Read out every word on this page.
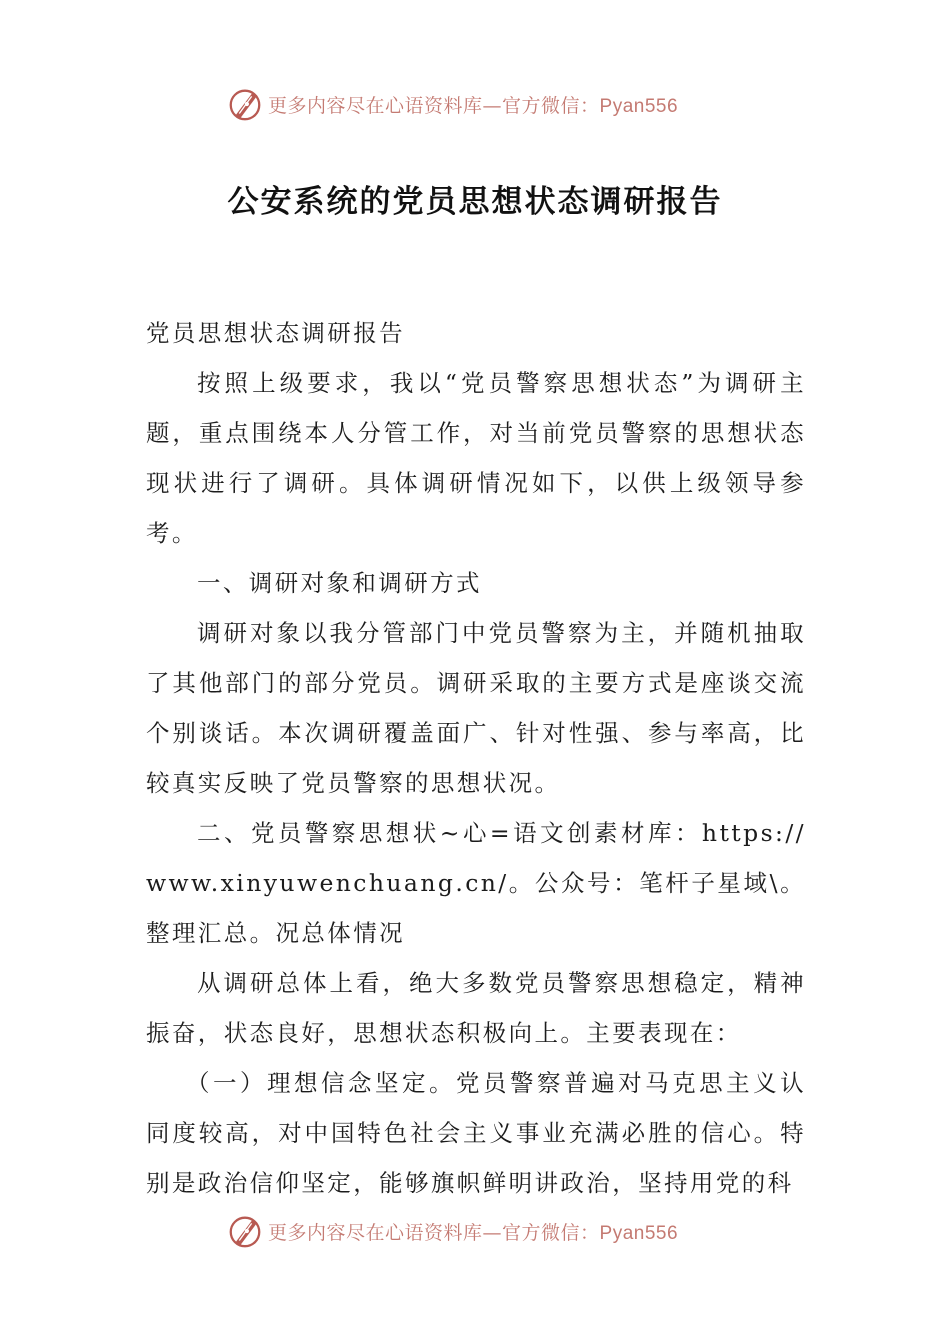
更多内容尽在心语资料库—官方微信：Pyan556
公安系统的党员思想状态调研报告

党员思想状态调研报告

按照上级要求，我以“党员警察思想状态”为调研主题，重点围绕本人分管工作，对当前党员警察的思想状态现状进行了调研。具体调研情况如下，以供上级领导参考。

一、调研对象和调研方式

调研对象以我分管部门中党员警察为主，并随机抽取了其他部门的部分党员。调研采取的主要方式是座谈交流个别谈话。本次调研覆盖面广、针对性强、参与率高，比较真实反映了党员警察的思想状况。

二、党员警察思想状~心=语文创素材库：https://www.xinyuwenchuang.cn/。公众号：笔杆子星域\。整理汇总。况总体情况

从调研总体上看，绝大多数党员警察思想稳定，精神振奋，状态良好，思想状态积极向上。主要表现在：

（一）理想信念坚定。党员警察普遍对马克思主义认同度较高，对中国特色社会主义事业充满必胜的信心。特别是政治信仰坚定，能够旗帜鲜明讲政治，坚持用党的科

更多内容尽在心语资料库—官方微信：Pyan556
